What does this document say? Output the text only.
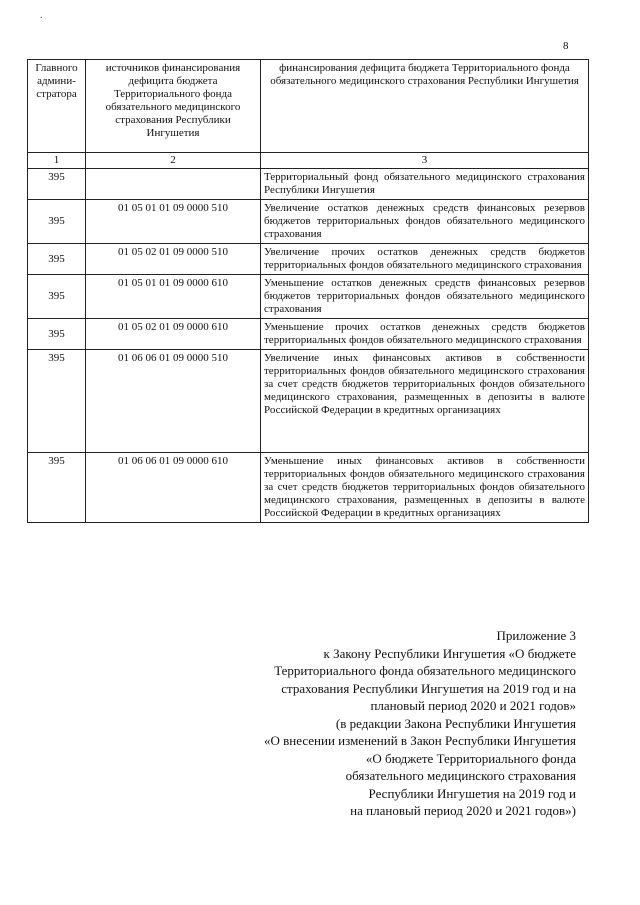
.
8
Главного админи-стратора	источников финансирования дефицита бюджета Территориального фонда обязательного медицинского страхования Республики Ингушетия	финансирования дефицита бюджета Территориального фонда обязательного медицинского страхования Республики Ингушетия
1	2	3
395		Территориальный фонд обязательного медицинского страхования Республики Ингушетия
395	01 05 01 01 09 0000 510	Увеличение остатков денежных средств финансовых резервов бюджетов территориальных фондов обязательного медицинского страхования
395	01 05 02 01 09 0000 510	Увеличение прочих остатков денежных средств бюджетов территориальных фондов обязательного медицинского страхования
395	01 05 01 01 09 0000 610	Уменьшение остатков денежных средств финансовых резервов бюджетов территориальных фондов обязательного медицинского страхования
395	01 05 02 01 09 0000 610	Уменьшение прочих остатков денежных средств бюджетов территориальных фондов обязательного медицинского страхования
395	01 06 06 01 09 0000 510	Увеличение иных финансовых активов в собственности территориальных фондов обязательного медицинского страхования за счет средств бюджетов территориальных фондов обязательного медицинского страхования, размещенных в депозиты в валюте Российской Федерации в кредитных организациях
395	01 06 06 01 09 0000 610	Уменьшение иных финансовых активов в собственности территориальных фондов обязательного медицинского страхования за счет средств бюджетов территориальных фондов обязательного медицинского страхования, размещенных в депозиты в валюте Российской Федерации в кредитных организациях
Приложение 3
к Закону Республики Ингушетия «О бюджете
Территориального фонда обязательного медицинского
страхования Республики Ингушетия на 2019 год и на
плановый период 2020 и 2021 годов»
(в редакции Закона Республики Ингушетия
«О внесении изменений в Закон Республики Ингушетия
«О бюджете Территориального фонда
обязательного медицинского страхования
Республики Ингушетия на 2019 год и
на плановый период 2020 и 2021 годов»)
